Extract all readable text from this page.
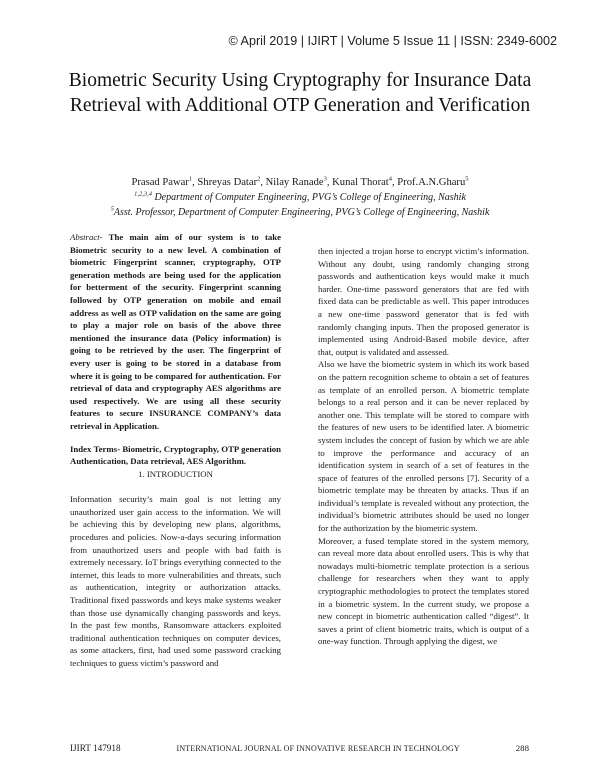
© April 2019 | IJIRT | Volume 5 Issue 11 | ISSN: 2349-6002
Biometric Security Using Cryptography for Insurance Data Retrieval with Additional OTP Generation and Verification
Prasad Pawar$^1$, Shreyas Datar$^2$, Nilay Ranade$^3$, Kunal Thorat$^4$, Prof.A.N.Gharu$^5$
$^{1,2,3,4}$ Department of Computer Engineering, PVG’s College of Engineering, Nashik
$^5$Asst. Professor, Department of Computer Engineering, PVG’s College of Engineering, Nashik

Abstract- The main aim of our system is to take Biometric security to a new level. A combination of biometric Fingerprint scanner, cryptography, OTP generation methods are being used for the application for betterment of the security. Fingerprint scanning followed by OTP generation on mobile and email address as well as OTP validation on the same are going to play a major role on basis of the above three mentioned the insurance data (Policy information) is going to be retrieved by the user. The fingerprint of every user is going to be stored in a database from where it is going to be compared for authentication. For retrieval of data and cryptography AES algorithms are used respectively. We are using all these security features to secure INSURANCE COMPANY’s data retrieval in Application.

Index Terms- Biometric, Cryptography, OTP generation Authentication, Data retrieval, AES Algorithm.

1. INTRODUCTION

Information security’s main goal is not letting any unauthorized user gain access to the information. We will be achieving this by developing new plans, algorithms, procedures and policies. Now-a-days securing information from unauthorized users and people with bad faith is extremely necessary. IoT brings everything connected to the internet, this leads to more vulnerabilities and threats, such as authentication, integrity or authorization attacks. Traditional fixed passwords and keys make systems weaker than those use dynamically changing passwords and keys. In the past few months, Ransomware attackers exploited traditional authentication techniques on computer devices, as some attackers, first, had used some password cracking techniques to guess victim’s password and

then injected a trojan horse to encrypt victim’s information. Without any doubt, using randomly changing strong passwords and authentication keys would make it much harder. One-time password generators that are fed with fixed data can be predictable as well. This paper introduces a new one-time password generator that is fed with randomly changing inputs. Then the proposed generator is implemented using Android-Based mobile device, after that, output is validated and assessed.

Also we have the biometric system in which its work based on the pattern recognition scheme to obtain a set of features as template of an enrolled person. A biometric template belongs to a real person and it can be never replaced by another one. This template will be stored to compare with the features of new users to be identified later. A biometric system includes the concept of fusion by which we are able to improve the performance and accuracy of an identification system in search of a set of features in the space of features of the enrolled persons [7]. Security of a biometric template may be threaten by attacks. Thus if an individual’s template is revealed without any protection, the individual’s biometric attributes should be used no longer for the authorization by the biometric system.

Moreover, a fused template stored in the system memory, can reveal more data about enrolled users. This is why that nowadays multi-biometric template protection is a serious challenge for researchers when they want to apply cryptographic methodologies to protect the templates stored in a biometric system. In the current study, we propose a new concept in biometric authentication called “digest”. It saves a print of client biometric traits, which is output of a one-way function. Through applying the digest, we

IJIRT 147918	INTERNATIONAL JOURNAL OF INNOVATIVE RESEARCH IN TECHNOLOGY	288
